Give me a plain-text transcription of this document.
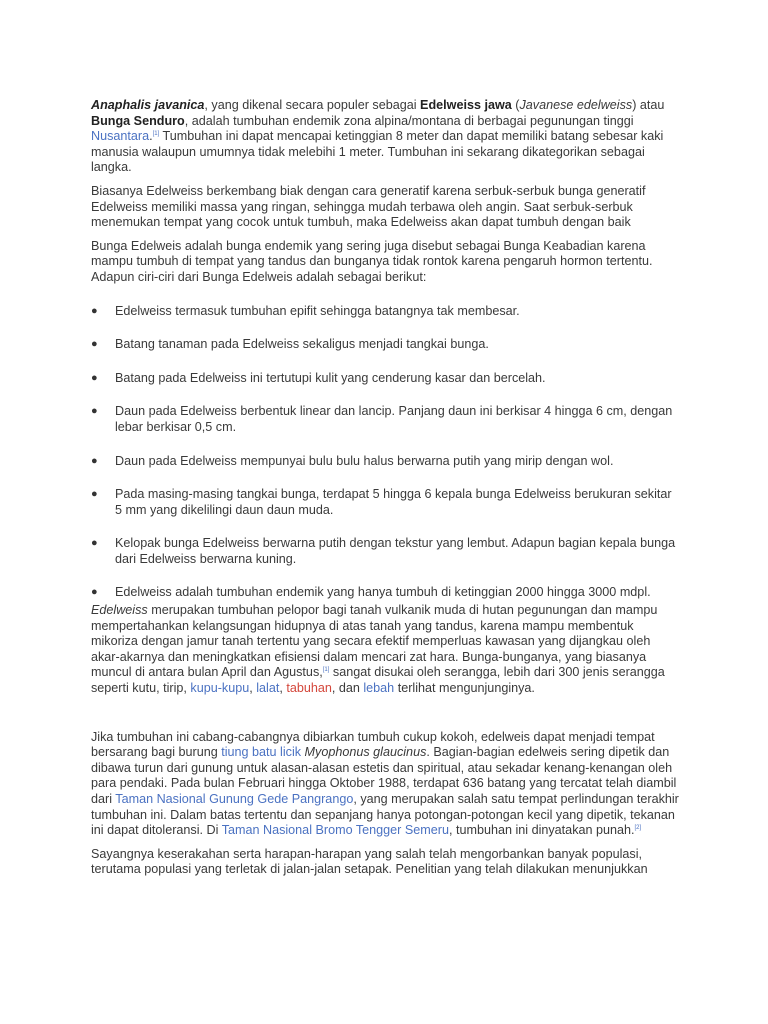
Anaphalis javanica, yang dikenal secara populer sebagai Edelweiss jawa (Javanese edelweiss) atau Bunga Senduro, adalah tumbuhan endemik zona alpina/montana di berbagai pegunungan tinggi Nusantara.[1] Tumbuhan ini dapat mencapai ketinggian 8 meter dan dapat memiliki batang sebesar kaki manusia walaupun umumnya tidak melebihi 1 meter. Tumbuhan ini sekarang dikategorikan sebagai langka.

Biasanya Edelweiss berkembang biak dengan cara generatif karena serbuk-serbuk bunga generatif Edelweiss memiliki massa yang ringan, sehingga mudah terbawa oleh angin. Saat serbuk-serbuk menemukan tempat yang cocok untuk tumbuh, maka Edelweiss akan dapat tumbuh dengan baik

Bunga Edelweis adalah bunga endemik yang sering juga disebut sebagai Bunga Keabadian karena mampu tumbuh di tempat yang tandus dan bunganya tidak rontok karena pengaruh hormon tertentu. Adapun ciri-ciri dari Bunga Edelweis adalah sebagai berikut:

● Edelweiss termasuk tumbuhan epifit sehingga batangnya tak membesar.
● Batang tanaman pada Edelweiss sekaligus menjadi tangkai bunga.
● Batang pada Edelweiss ini tertutupi kulit yang cenderung kasar dan bercelah.
● Daun pada Edelweiss berbentuk linear dan lancip. Panjang daun ini berkisar 4 hingga 6 cm, dengan lebar berkisar 0,5 cm.
● Daun pada Edelweiss mempunyai bulu bulu halus berwarna putih yang mirip dengan wol.
● Pada masing-masing tangkai bunga, terdapat 5 hingga 6 kepala bunga Edelweiss berukuran sekitar 5 mm yang dikelilingi daun daun muda.
● Kelopak bunga Edelweiss berwarna putih dengan tekstur yang lembut. Adapun bagian kepala bunga dari Edelweiss berwarna kuning.
● Edelweiss adalah tumbuhan endemik yang hanya tumbuh di ketinggian 2000 hingga 3000 mdpl.

Edelweiss merupakan tumbuhan pelopor bagi tanah vulkanik muda di hutan pegunungan dan mampu mempertahankan kelangsungan hidupnya di atas tanah yang tandus, karena mampu membentuk mikoriza dengan jamur tanah tertentu yang secara efektif memperluas kawasan yang dijangkau oleh akar-akarnya dan meningkatkan efisiensi dalam mencari zat hara. Bunga-bunganya, yang biasanya muncul di antara bulan April dan Agustus,[1] sangat disukai oleh serangga, lebih dari 300 jenis serangga seperti kutu, tirip, kupu-kupu, lalat, tabuhan, dan lebah terlihat mengunjunginya.

Jika tumbuhan ini cabang-cabangnya dibiarkan tumbuh cukup kokoh, edelweis dapat menjadi tempat bersarang bagi burung tiung batu licik Myophonus glaucinus. Bagian-bagian edelweis sering dipetik dan dibawa turun dari gunung untuk alasan-alasan estetis dan spiritual, atau sekadar kenang-kenangan oleh para pendaki. Pada bulan Februari hingga Oktober 1988, terdapat 636 batang yang tercatat telah diambil dari Taman Nasional Gunung Gede Pangrango, yang merupakan salah satu tempat perlindungan terakhir tumbuhan ini. Dalam batas tertentu dan sepanjang hanya potongan-potongan kecil yang dipetik, tekanan ini dapat ditoleransi. Di Taman Nasional Bromo Tengger Semeru, tumbuhan ini dinyatakan punah.[2]

Sayangnya keserakahan serta harapan-harapan yang salah telah mengorbankan banyak populasi, terutama populasi yang terletak di jalan-jalan setapak. Penelitian yang telah dilakukan menunjukkan
